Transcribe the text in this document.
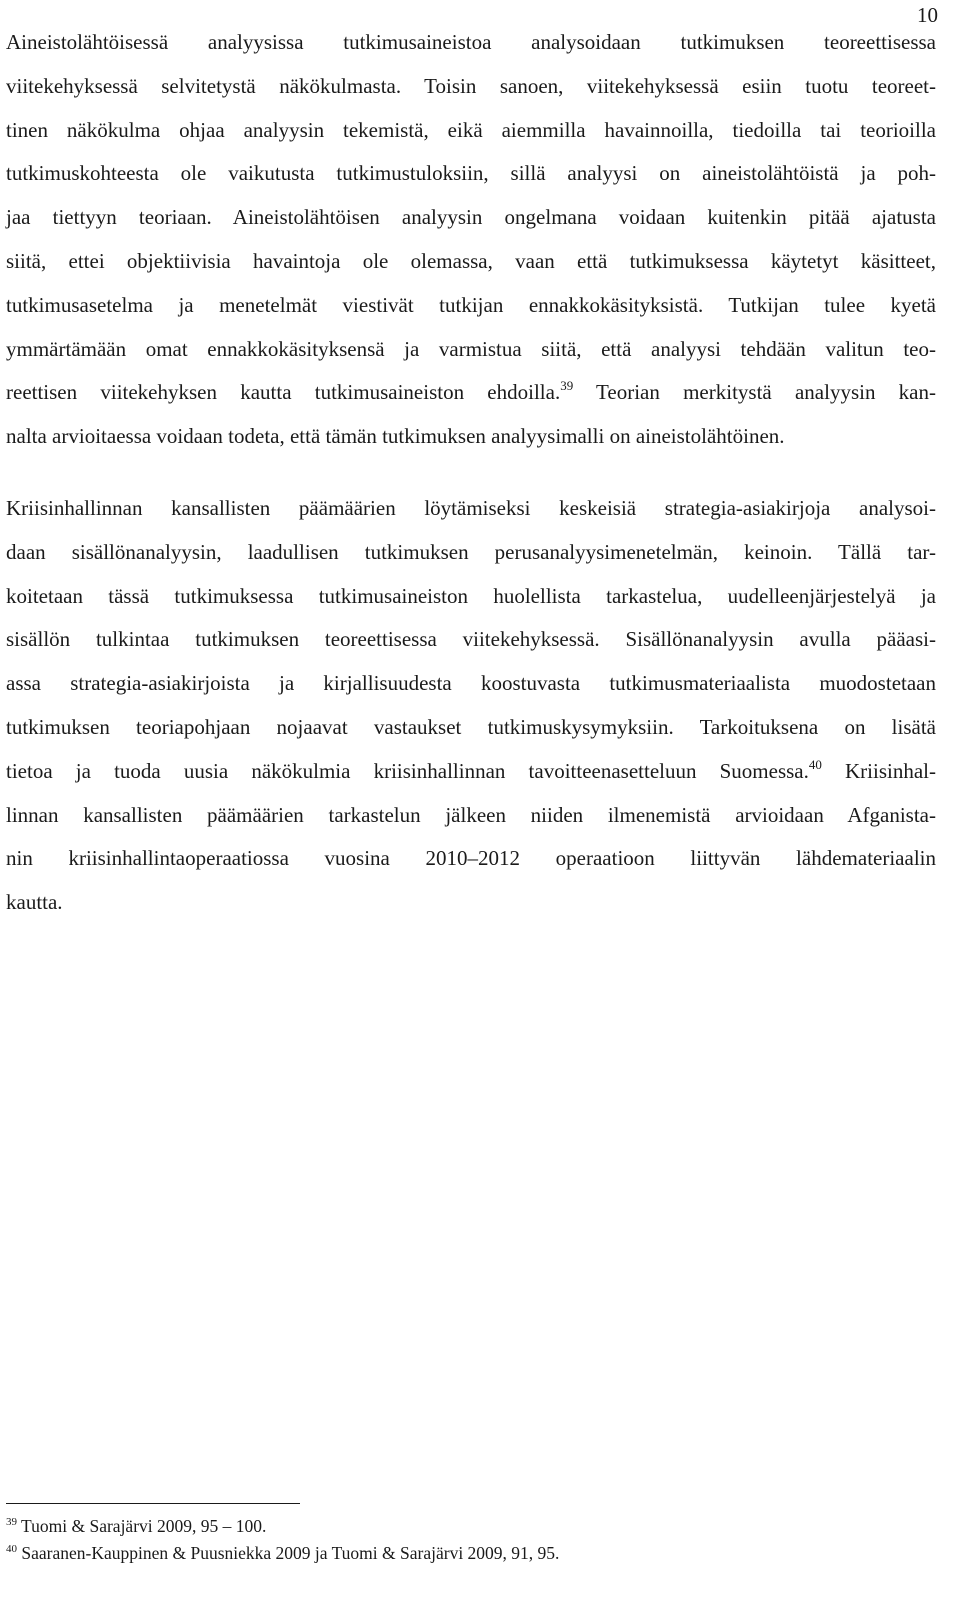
10
Aineistolähtöisessä analyysissa tutkimusaineistoa analysoidaan tutkimuksen teoreettisessa
viitekehyksessä selvitetystä näkökulmasta. Toisin sanoen, viitekehyksessä esiin tuotu teoreet-
tinen näkökulma ohjaa analyysin tekemistä, eikä aiemmilla havainnoilla, tiedoilla tai teorioilla
tutkimuskohteesta ole vaikutusta tutkimustuloksiin, sillä analyysi on aineistolähtöistä ja poh-
jaa tiettyyn teoriaan. Aineistolähtöisen analyysin ongelmana voidaan kuitenkin pitää ajatusta
siitä, ettei objektiivisia havaintoja ole olemassa, vaan että tutkimuksessa käytetyt käsitteet,
tutkimusasetelma ja menetelmät viestivät tutkijan ennakkokäsityksistä. Tutkijan tulee kyetä
ymmärtämään omat ennakkokäsityksensä ja varmistua siitä, että analyysi tehdään valitun teo-
reettisen viitekehyksen kautta tutkimusaineiston ehdoilla.$^{39}$ Teorian merkitystä analyysin kan-
nalta arvioitaessa voidaan todeta, että tämän tutkimuksen analyysimalli on aineistolähtöinen.
Kriisinhallinnan kansallisten päämäärien löytämiseksi keskeisiä strategia-asiakirjoja analysoi-
daan sisällönanalyysin, laadullisen tutkimuksen perusanalyysimenetelmän, keinoin. Tällä tar-
koitetaan tässä tutkimuksessa tutkimusaineiston huolellista tarkastelua, uudelleenjärjestelyä ja
sisällön tulkintaa tutkimuksen teoreettisessa viitekehyksessä. Sisällönanalyysin avulla pääasi-
assa strategia-asiakirjoista ja kirjallisuudesta koostuvasta tutkimusmateriaalista muodostetaan
tutkimuksen teoriapohjaan nojaavat vastaukset tutkimuskysymyksiin. Tarkoituksena on lisätä
tietoa ja tuoda uusia näkökulmia kriisinhallinnan tavoitteenasetteluun Suomessa.$^{40}$ Kriisinhal-
linnan kansallisten päämäärien tarkastelun jälkeen niiden ilmenemistä arvioidaan Afganista-
nin kriisinhallintaoperaatiossa vuosina 2010–2012 operaatioon liittyvän lähdemateriaalin
kautta.
$^{39}$ Tuomi & Sarajärvi 2009, 95 – 100.
$^{40}$ Saaranen-Kauppinen & Puusniekka 2009 ja Tuomi & Sarajärvi 2009, 91, 95.
